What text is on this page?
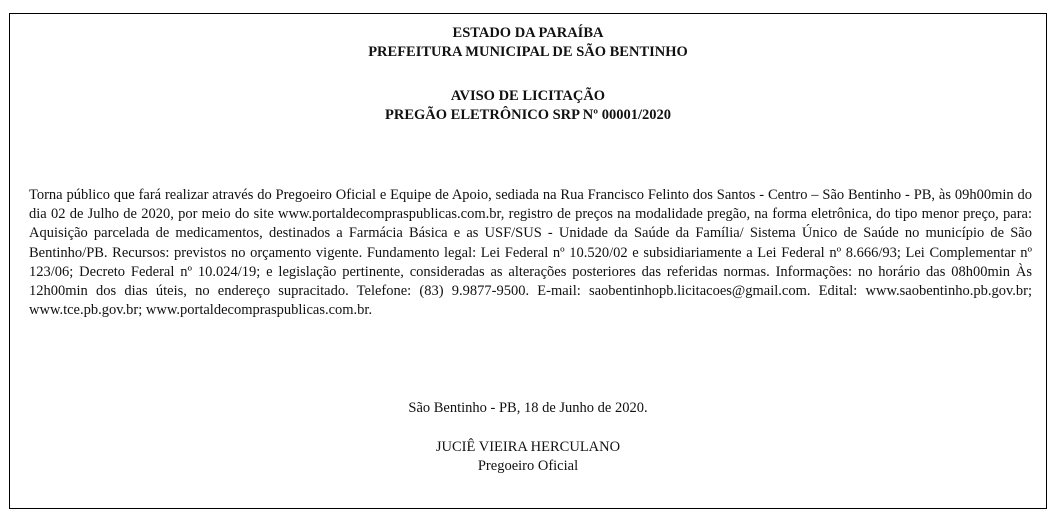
ESTADO DA PARAÍBA
PREFEITURA MUNICIPAL DE SÃO BENTINHO
AVISO DE LICITAÇÃO
PREGÃO ELETRÔNICO SRP Nº 00001/2020

Torna público que fará realizar através do Pregoeiro Oficial e Equipe de Apoio, sediada na Rua Francisco Felinto dos Santos - Centro – São Bentinho - PB, às 09h00min do dia 02 de Julho de 2020, por meio do site www.portaldecompraspublicas.com.br, registro de preços na modalidade pregão, na forma eletrônica, do tipo menor preço, para: Aquisição parcelada de medicamentos, destinados a Farmácia Básica e as USF/SUS - Unidade da Saúde da Família/ Sistema Único de Saúde no município de São Bentinho/PB. Recursos: previstos no orçamento vigente. Fundamento legal: Lei Federal nº 10.520/02 e subsidiariamente a Lei Federal nº 8.666/93; Lei Complementar nº 123/06; Decreto Federal nº 10.024/19; e legislação pertinente, consideradas as alterações posteriores das referidas normas. Informações: no horário das 08h00min Às 12h00min dos dias úteis, no endereço supracitado. Telefone: (83) 9.9877-9500. E-mail: saobentinhopb.licitacoes@gmail.com. Edital: www.saobentinho.pb.gov.br; www.tce.pb.gov.br; www.portaldecompraspublicas.com.br.

São Bentinho - PB, 18 de Junho de 2020.
JUCIÊ VIEIRA HERCULANO
Pregoeiro Oficial
